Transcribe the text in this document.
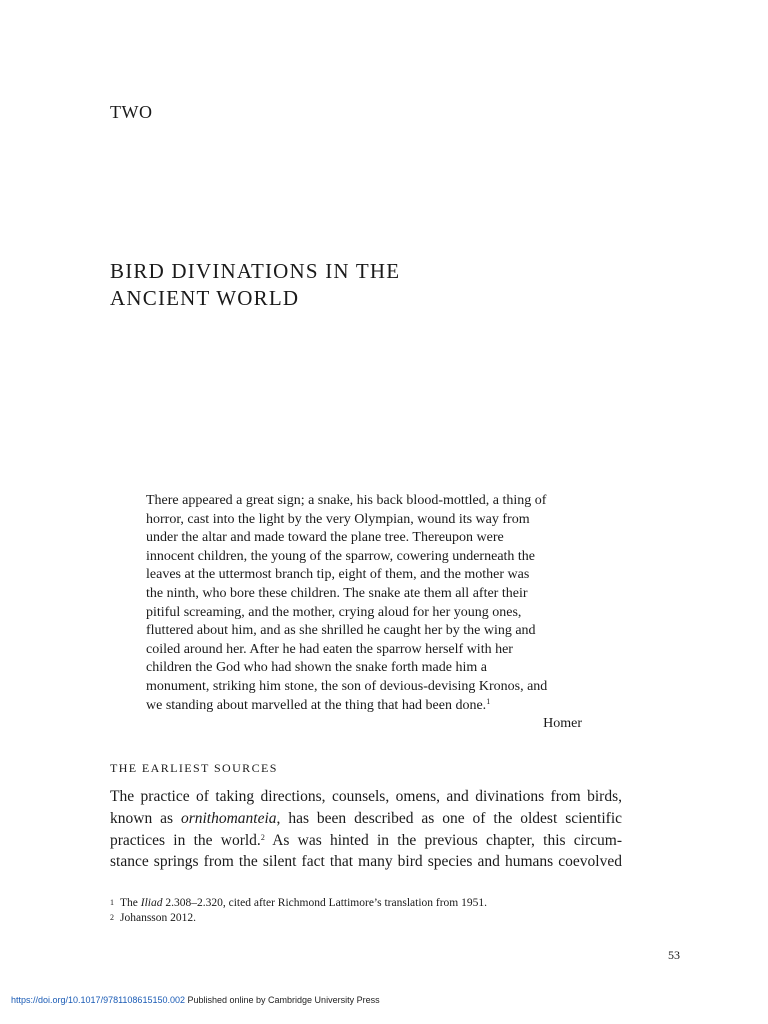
TWO
BIRD DIVINATIONS IN THE
ANCIENT WORLD
There appeared a great sign; a snake, his back blood-mottled, a thing of
horror, cast into the light by the very Olympian, wound its way from
under the altar and made toward the plane tree. Thereupon were
innocent children, the young of the sparrow, cowering underneath the
leaves at the uttermost branch tip, eight of them, and the mother was
the ninth, who bore these children. The snake ate them all after their
pitiful screaming, and the mother, crying aloud for her young ones,
fluttered about him, and as she shrilled he caught her by the wing and
coiled around her. After he had eaten the sparrow herself with her
children the God who had shown the snake forth made him a
monument, striking him stone, the son of devious-devising Kronos, and
we standing about marvelled at the thing that had been done.$^1$
Homer
THE EARLIEST SOURCES
The practice of taking directions, counsels, omens, and divinations from birds,
known as ornithomanteia, has been described as one of the oldest scientific
practices in the world.$^2$ As was hinted in the previous chapter, this circum-
stance springs from the silent fact that many bird species and humans coevolved
1 The Iliad 2.308–2.320, cited after Richmond Lattimore’s translation from 1951.
2 Johansson 2012.
53
https://doi.org/10.1017/9781108615150.002 Published online by Cambridge University Press
